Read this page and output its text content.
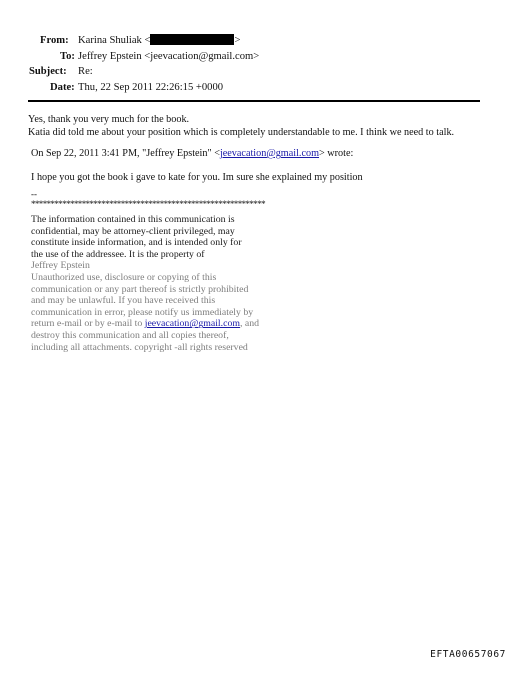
From: Karina Shuliak <	>
To: Jeffrey Epstein <jeevacation@gmail.com>
Subject: Re:
Date: Thu, 22 Sep 2011 22:26:15 +0000
Yes, thank you very much for the book.
Katia did told me about your position which is completely understandable to me. I think we need to talk.
On Sep 22, 2011 3:41 PM, "Jeffrey Epstein" <jeevacation@gmail.com> wrote:
I hope you got the book i gave to kate for you. Im sure she explained my position
--
************************************************************
The information contained in this communication is
confidential, may be attorney-client privileged, may
constitute inside information, and is intended only for
the use of the addressee. It is the property of
Jeffrey Epstein
Unauthorized use, disclosure or copying of this
communication or any part thereof is strictly prohibited
and may be unlawful. If you have received this
communication in error, please notify us immediately by
return e-mail or by e-mail to jeevacation@gmail.com, and
destroy this communication and all copies thereof,
including all attachments. copyright -all rights reserved
EFTA00657067
